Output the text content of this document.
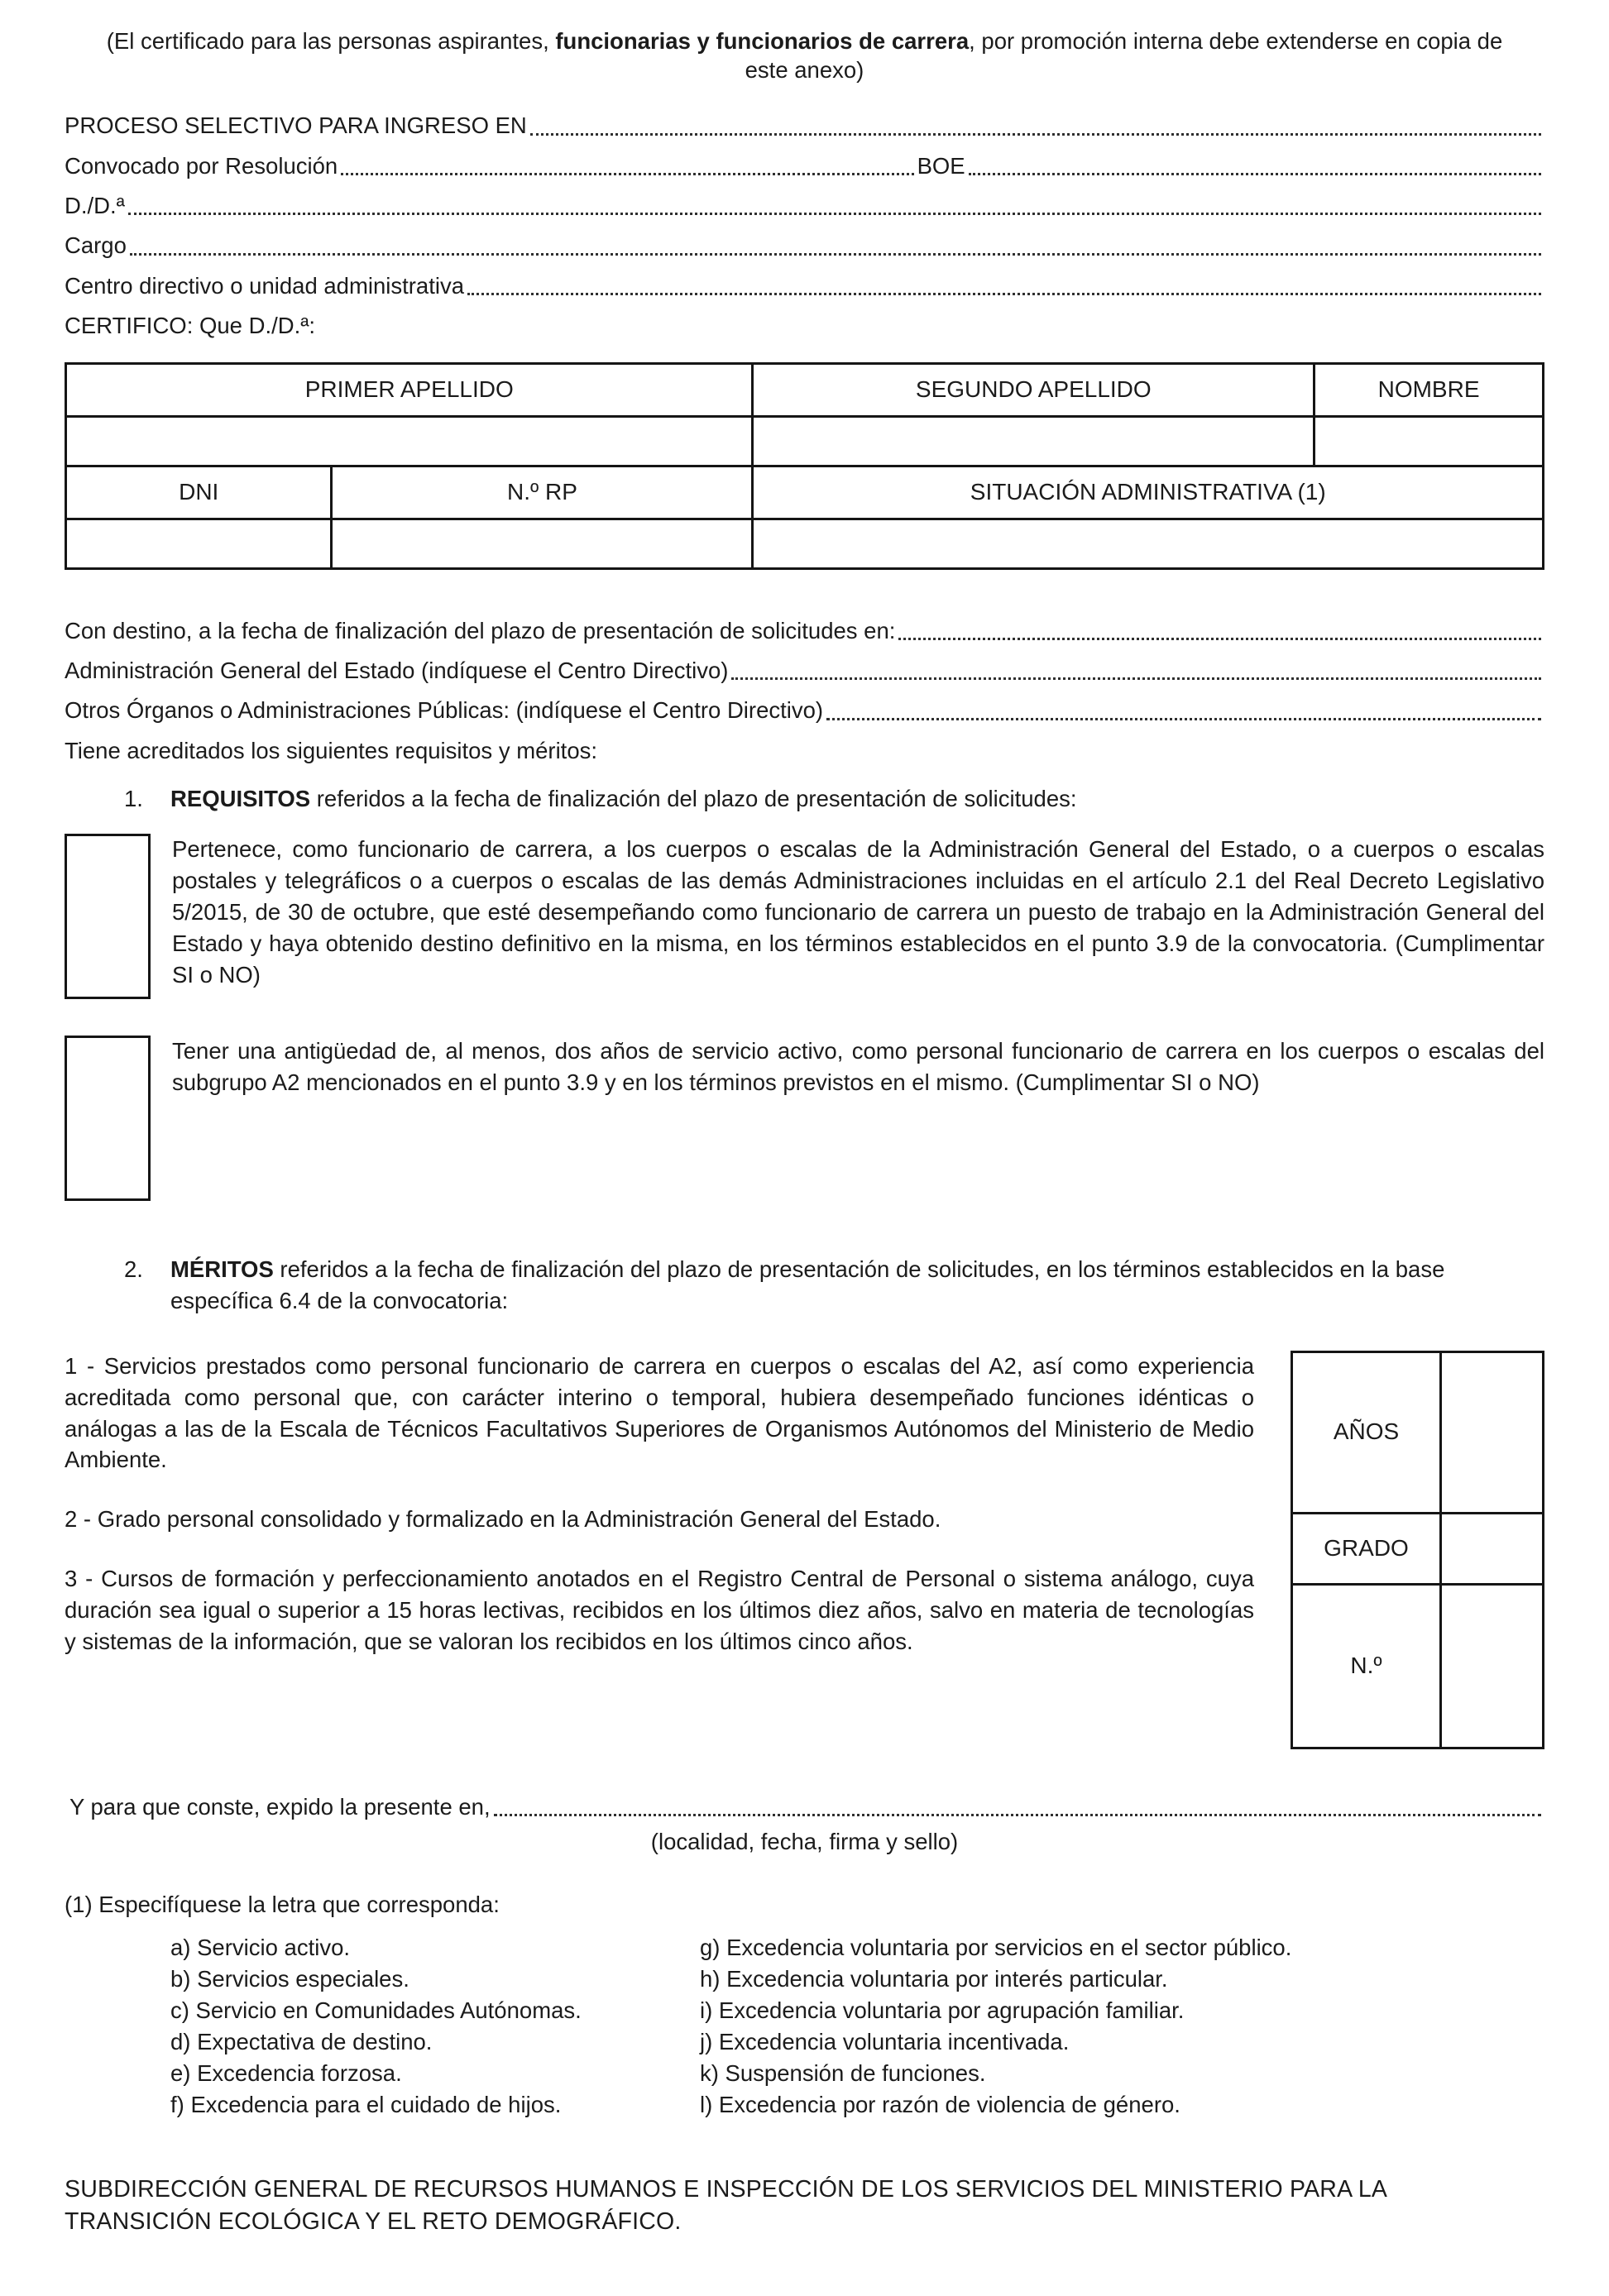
(El certificado para las personas aspirantes, funcionarias y funcionarios de carrera, por promoción interna debe extenderse en copia de este anexo)
PROCESO SELECTIVO PARA INGRESO EN
Convocado por Resolución	BOE
D./D.ª
Cargo
Centro directivo o unidad administrativa
CERTIFICO: Que D./D.ª:
PRIMER APELLIDO		SEGUNDO APELLIDO	NOMBRE

DNI	N.º RP	SITUACIÓN ADMINISTRATIVA (1)	

Con destino, a la fecha de finalización del plazo de presentación de solicitudes en:
Administración General del Estado (indíquese el Centro Directivo)
Otros Órganos o Administraciones Públicas: (indíquese el Centro Directivo)
Tiene acreditados los siguientes requisitos y méritos:
1.	REQUISITOS referidos a la fecha de finalización del plazo de presentación de solicitudes:
Pertenece, como funcionario de carrera, a los cuerpos o escalas de la Administración General del Estado, o a cuerpos o escalas postales y telegráficos o a cuerpos o escalas de las demás Administraciones incluidas en el artículo 2.1 del Real Decreto Legislativo 5/2015, de 30 de octubre, que esté desempeñando como funcionario de carrera un puesto de trabajo en la Administración General del Estado y haya obtenido destino definitivo en la misma, en los términos establecidos en el punto 3.9 de la convocatoria. (Cumplimentar SI o NO)
Tener una antigüedad de, al menos, dos años de servicio activo, como personal funcionario de carrera en los cuerpos o escalas del subgrupo A2 mencionados en el punto 3.9 y en los términos previstos en el mismo. (Cumplimentar SI o NO)
2.	MÉRITOS referidos a la fecha de finalización del plazo de presentación de solicitudes, en los términos establecidos en la base específica 6.4 de la convocatoria:
1 - Servicios prestados como personal funcionario de carrera en cuerpos o escalas del A2, así como experiencia acreditada como personal que, con carácter interino o temporal, hubiera desempeñado funciones idénticas o análogas a las de la Escala de Técnicos Facultativos Superiores de Organismos Autónomos del Ministerio de Medio Ambiente.
2 - Grado personal consolidado y formalizado en la Administración General del Estado.
3 - Cursos de formación y perfeccionamiento anotados en el Registro Central de Personal o sistema análogo, cuya duración sea igual o superior a 15 horas lectivas, recibidos en los últimos diez años, salvo en materia de tecnologías y sistemas de la información, que se valoran los recibidos en los últimos cinco años.
AÑOS
GRADO
N.º
Y para que conste, expido la presente en,
(localidad, fecha, firma y sello)
(1) Especifíquese la letra que corresponda:
a) Servicio activo.
b) Servicios especiales.
c) Servicio en Comunidades Autónomas.
d) Expectativa de destino.
e) Excedencia forzosa.
f) Excedencia para el cuidado de hijos.
g) Excedencia voluntaria por servicios en el sector público.
h) Excedencia voluntaria por interés particular.
i) Excedencia voluntaria por agrupación familiar.
j) Excedencia voluntaria incentivada.
k) Suspensión de funciones.
l) Excedencia por razón de violencia de género.
SUBDIRECCIÓN GENERAL DE RECURSOS HUMANOS E INSPECCIÓN DE LOS SERVICIOS DEL MINISTERIO PARA LA TRANSICIÓN ECOLÓGICA Y EL RETO DEMOGRÁFICO.
